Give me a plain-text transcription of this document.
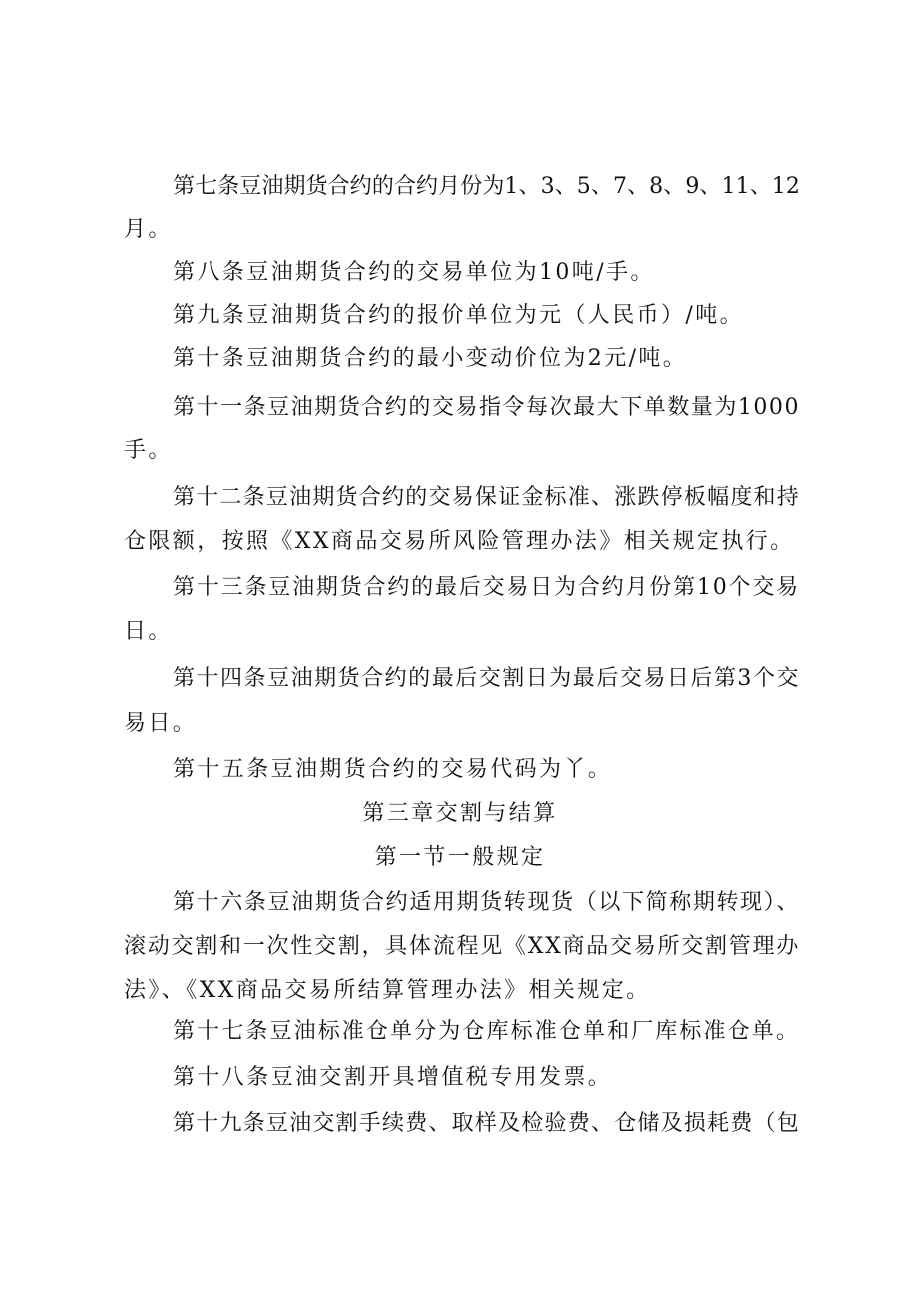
第七条豆油期货合约的合约月份为1、3、5、7、8、9、11、12
月。
第八条豆油期货合约的交易单位为10吨/手。
第九条豆油期货合约的报价单位为元（人民币）/吨。
第十条豆油期货合约的最小变动价位为2元/吨。
第十一条豆油期货合约的交易指令每次最大下单数量为1000
手。
第十二条豆油期货合约的交易保证金标准、涨跌停板幅度和持
仓限额，按照《XX商品交易所风险管理办法》相关规定执行。
第十三条豆油期货合约的最后交易日为合约月份第10个交易
日。
第十四条豆油期货合约的最后交割日为最后交易日后第3个交
易日。
第十五条豆油期货合约的交易代码为丫。
第三章交割与结算
第一节一般规定
第十六条豆油期货合约适用期货转现货（以下简称期转现）、
滚动交割和一次性交割，具体流程见《XX商品交易所交割管理办
法》、《XX商品交易所结算管理办法》相关规定。
第十七条豆油标准仓单分为仓库标准仓单和厂库标准仓单。
第十八条豆油交割开具增值税专用发票。
第十九条豆油交割手续费、取样及检验费、仓储及损耗费（包
